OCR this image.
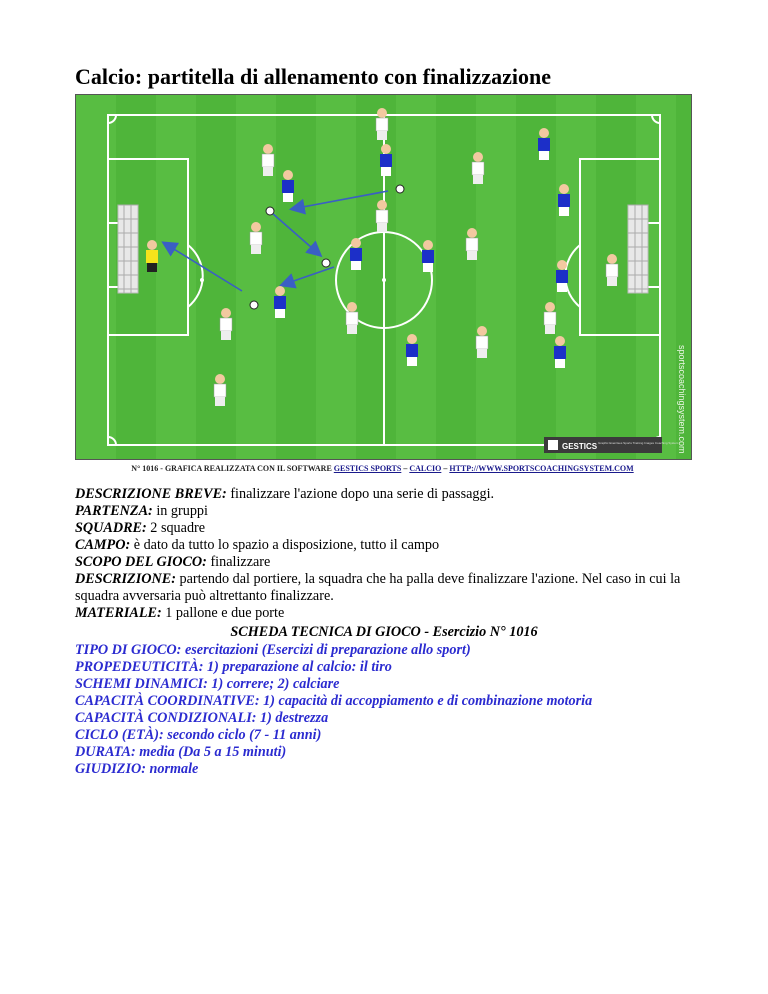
Calcio: partitella di allenamento con finalizzazione
sportscoachingsystem.com
GESTICS Graphic Exercises Sports Training Images Coaching System
N° 1016 - GRAFICA REALIZZATA CON IL SOFTWARE GESTICS SPORTS – CALCIO – HTTP://WWW.SPORTSCOACHINGSYSTEM.COM

DESCRIZIONE BREVE: finalizzare l'azione dopo una serie di passaggi.

PARTENZA: in gruppi

SQUADRE: 2 squadre

CAMPO: è dato da tutto lo spazio a disposizione, tutto il campo

SCOPO DEL GIOCO: finalizzare

DESCRIZIONE: partendo dal portiere, la squadra che ha palla deve finalizzare l'azione. Nel caso in cui la squadra avversaria può altrettanto finalizzare.

MATERIALE: 1 pallone e due porte

SCHEDA TECNICA DI GIOCO - Esercizio N° 1016

TIPO DI GIOCO: esercitazioni (Esercizi di preparazione allo sport)

PROPEDEUTICITÀ: 1) preparazione al calcio: il tiro

SCHEMI DINAMICI: 1) correre; 2) calciare

CAPACITÀ COORDINATIVE: 1) capacità di accoppiamento e di combinazione motoria

CAPACITÀ CONDIZIONALI: 1) destrezza

CICLO (ETÀ): secondo ciclo (7 - 11 anni)

DURATA: media (Da 5 a 15 minuti)

GIUDIZIO: normale
